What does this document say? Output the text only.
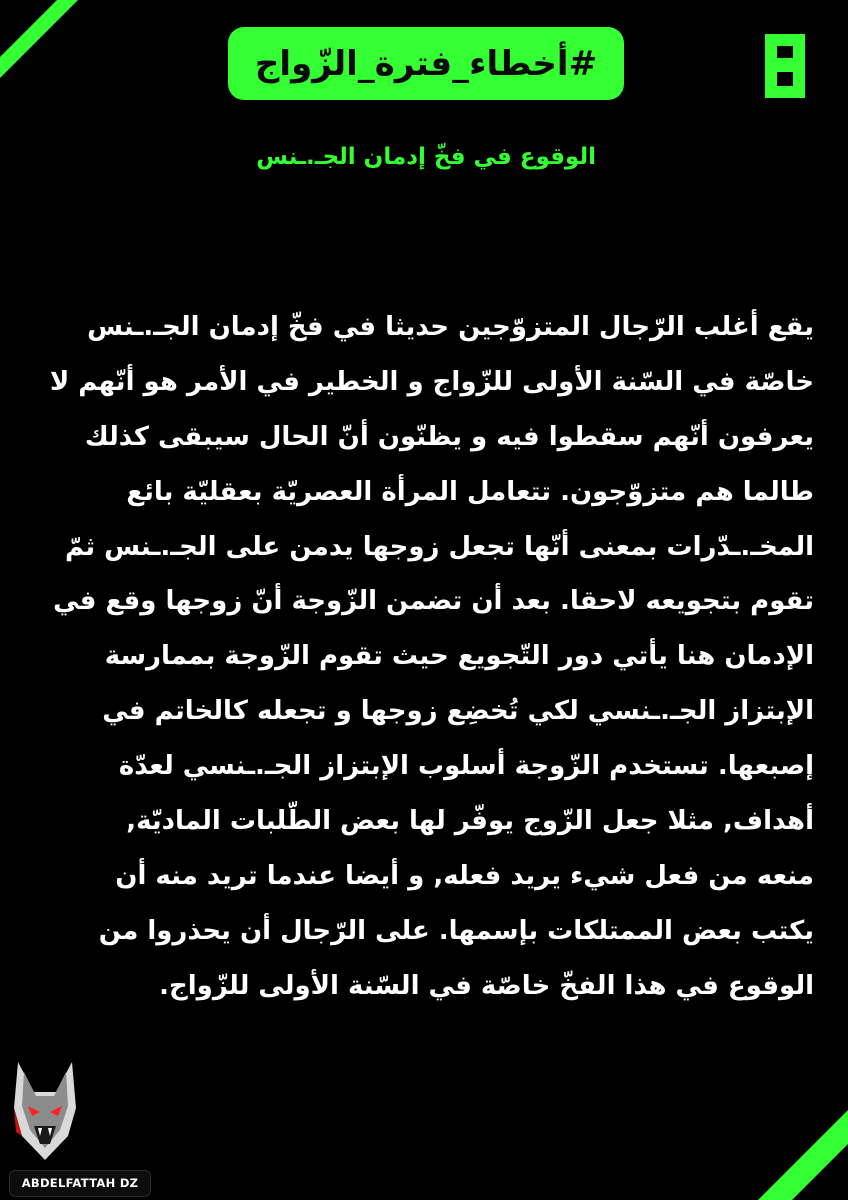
#أخطاء_فترة_الزّواج
الوقوع في فخّ إدمان الجـ.ـنس
يقع أغلب الرّجال المتزوّجين حديثا في فخّ إدمان الجـ.ـنس
خاصّة في السّنة الأولى للزّواج و الخطير في الأمر هو أنّهم لا
يعرفون أنّهم سقطوا فيه و يظنّون أنّ الحال سيبقى كذلك
طالما هم متزوّجون. تتعامل المرأة العصريّة بعقليّة بائع
المخـ.ـدّرات بمعنى أنّها تجعل زوجها يدمن على الجـ.ـنس ثمّ
تقوم بتجويعه لاحقا. بعد أن تضمن الزّوجة أنّ زوجها وقع في
الإدمان هنا يأتي دور التّجويع حيث تقوم الزّوجة بممارسة
الإبتزاز الجـ.ـنسي لكي تُخضِع زوجها و تجعله كالخاتم في
إصبعها. تستخدم الزّوجة أسلوب الإبتزاز الجـ.ـنسي لعدّة
أهداف, مثلا جعل الزّوج يوفّر لها بعض الطّلبات الماديّة,
منعه من فعل شيء يريد فعله, و أيضا عندما تريد منه أن
يكتب بعض الممتلكات بإسمها. على الرّجال أن يحذروا من
الوقوع في هذا الفخّ خاصّة في السّنة الأولى للزّواج.
ABDELFATTAH DZ
